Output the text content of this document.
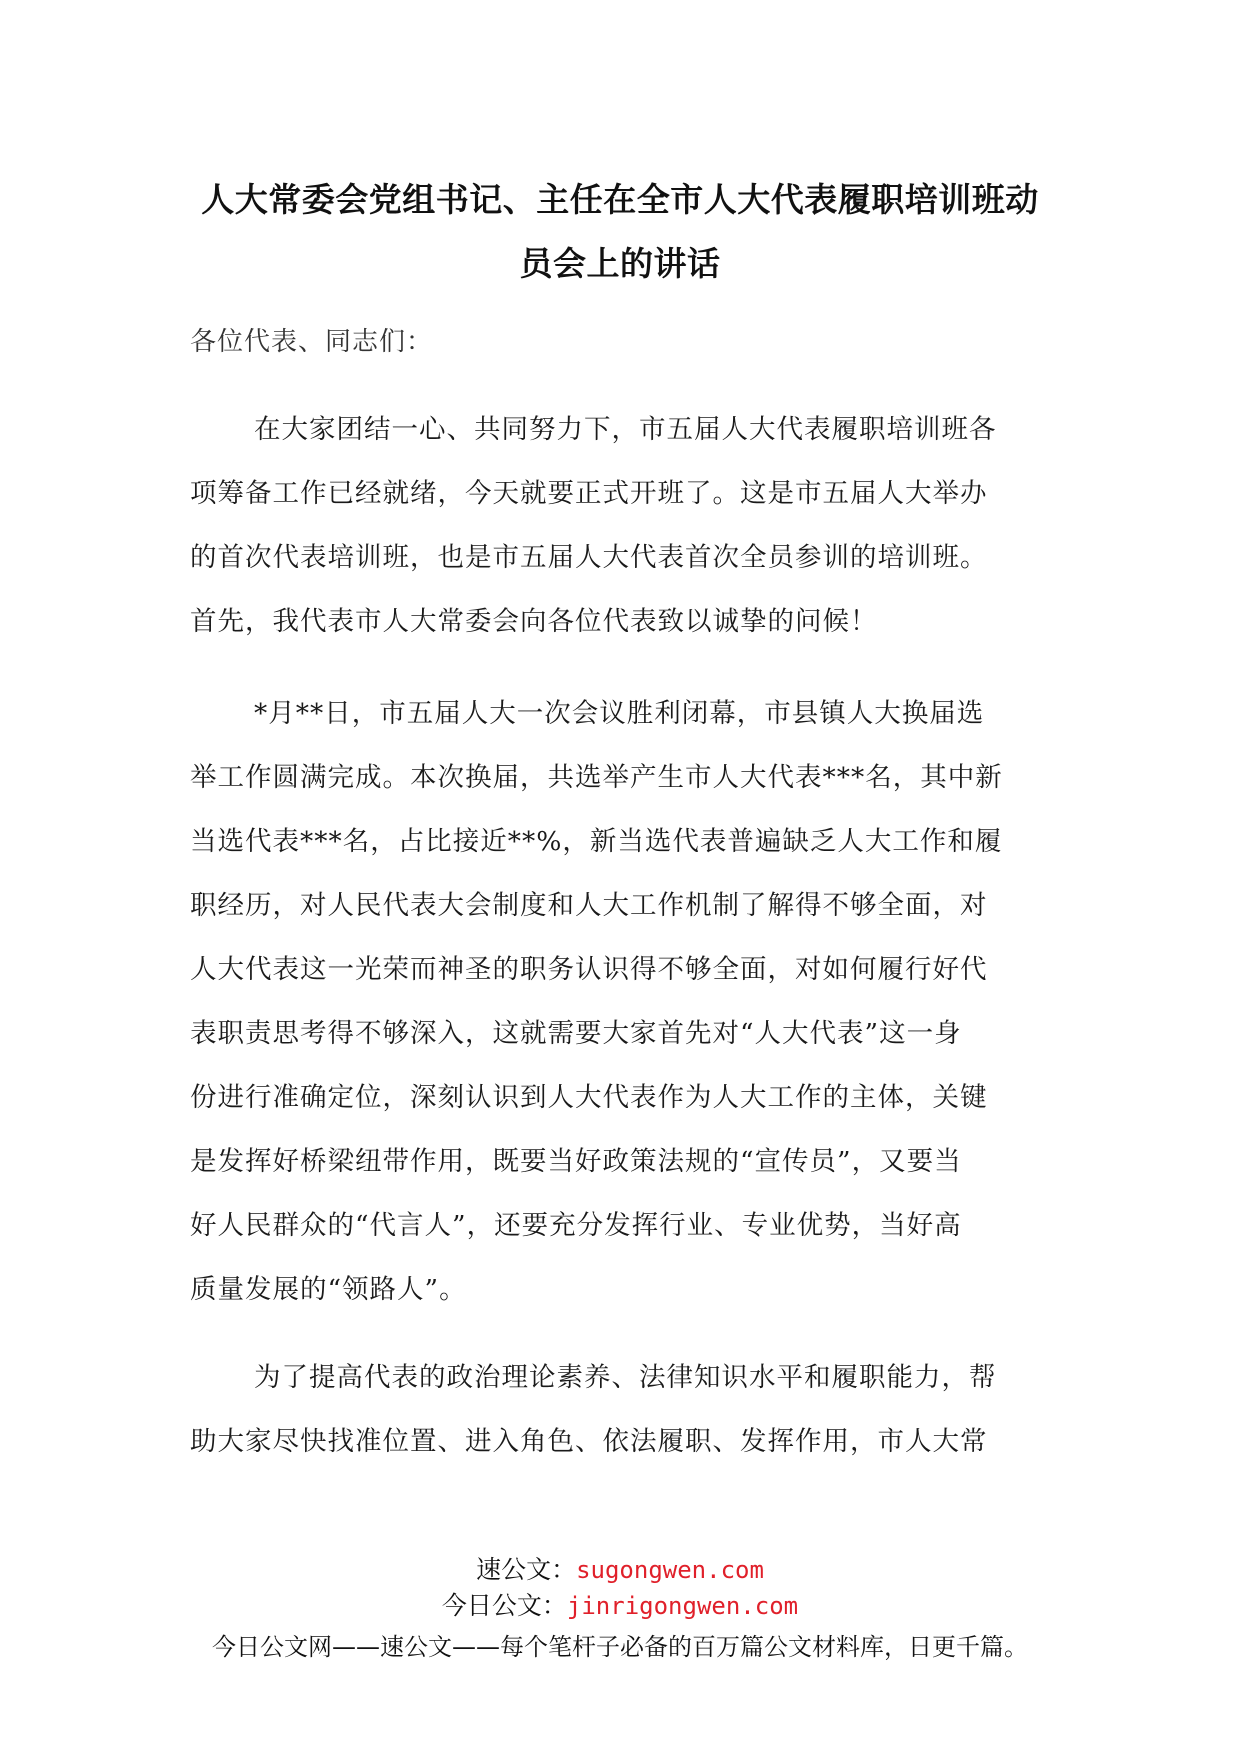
人大常委会党组书记、主任在全市人大代表履职培训班动
员会上的讲话
各位代表、同志们：
在大家团结一心、共同努力下，市五届人大代表履职培训班各
项筹备工作已经就绪，今天就要正式开班了。这是市五届人大举办
的首次代表培训班，也是市五届人大代表首次全员参训的培训班。
首先，我代表市人大常委会向各位代表致以诚挚的问候！
*月**日，市五届人大一次会议胜利闭幕，市县镇人大换届选
举工作圆满完成。本次换届，共选举产生市人大代表***名，其中新
当选代表***名，占比接近**%，新当选代表普遍缺乏人大工作和履
职经历，对人民代表大会制度和人大工作机制了解得不够全面，对
人大代表这一光荣而神圣的职务认识得不够全面，对如何履行好代
表职责思考得不够深入，这就需要大家首先对“人大代表”这一身
份进行准确定位，深刻认识到人大代表作为人大工作的主体，关键
是发挥好桥梁纽带作用，既要当好政策法规的“宣传员”，又要当
好人民群众的“代言人”，还要充分发挥行业、专业优势，当好高
质量发展的“领路人”。
为了提高代表的政治理论素养、法律知识水平和履职能力，帮
助大家尽快找准位置、进入角色、依法履职、发挥作用，市人大常
速公文：sugongwen.com
今日公文：jinrigongwen.com
今日公文网——速公文——每个笔杆子必备的百万篇公文材料库，日更千篇。
